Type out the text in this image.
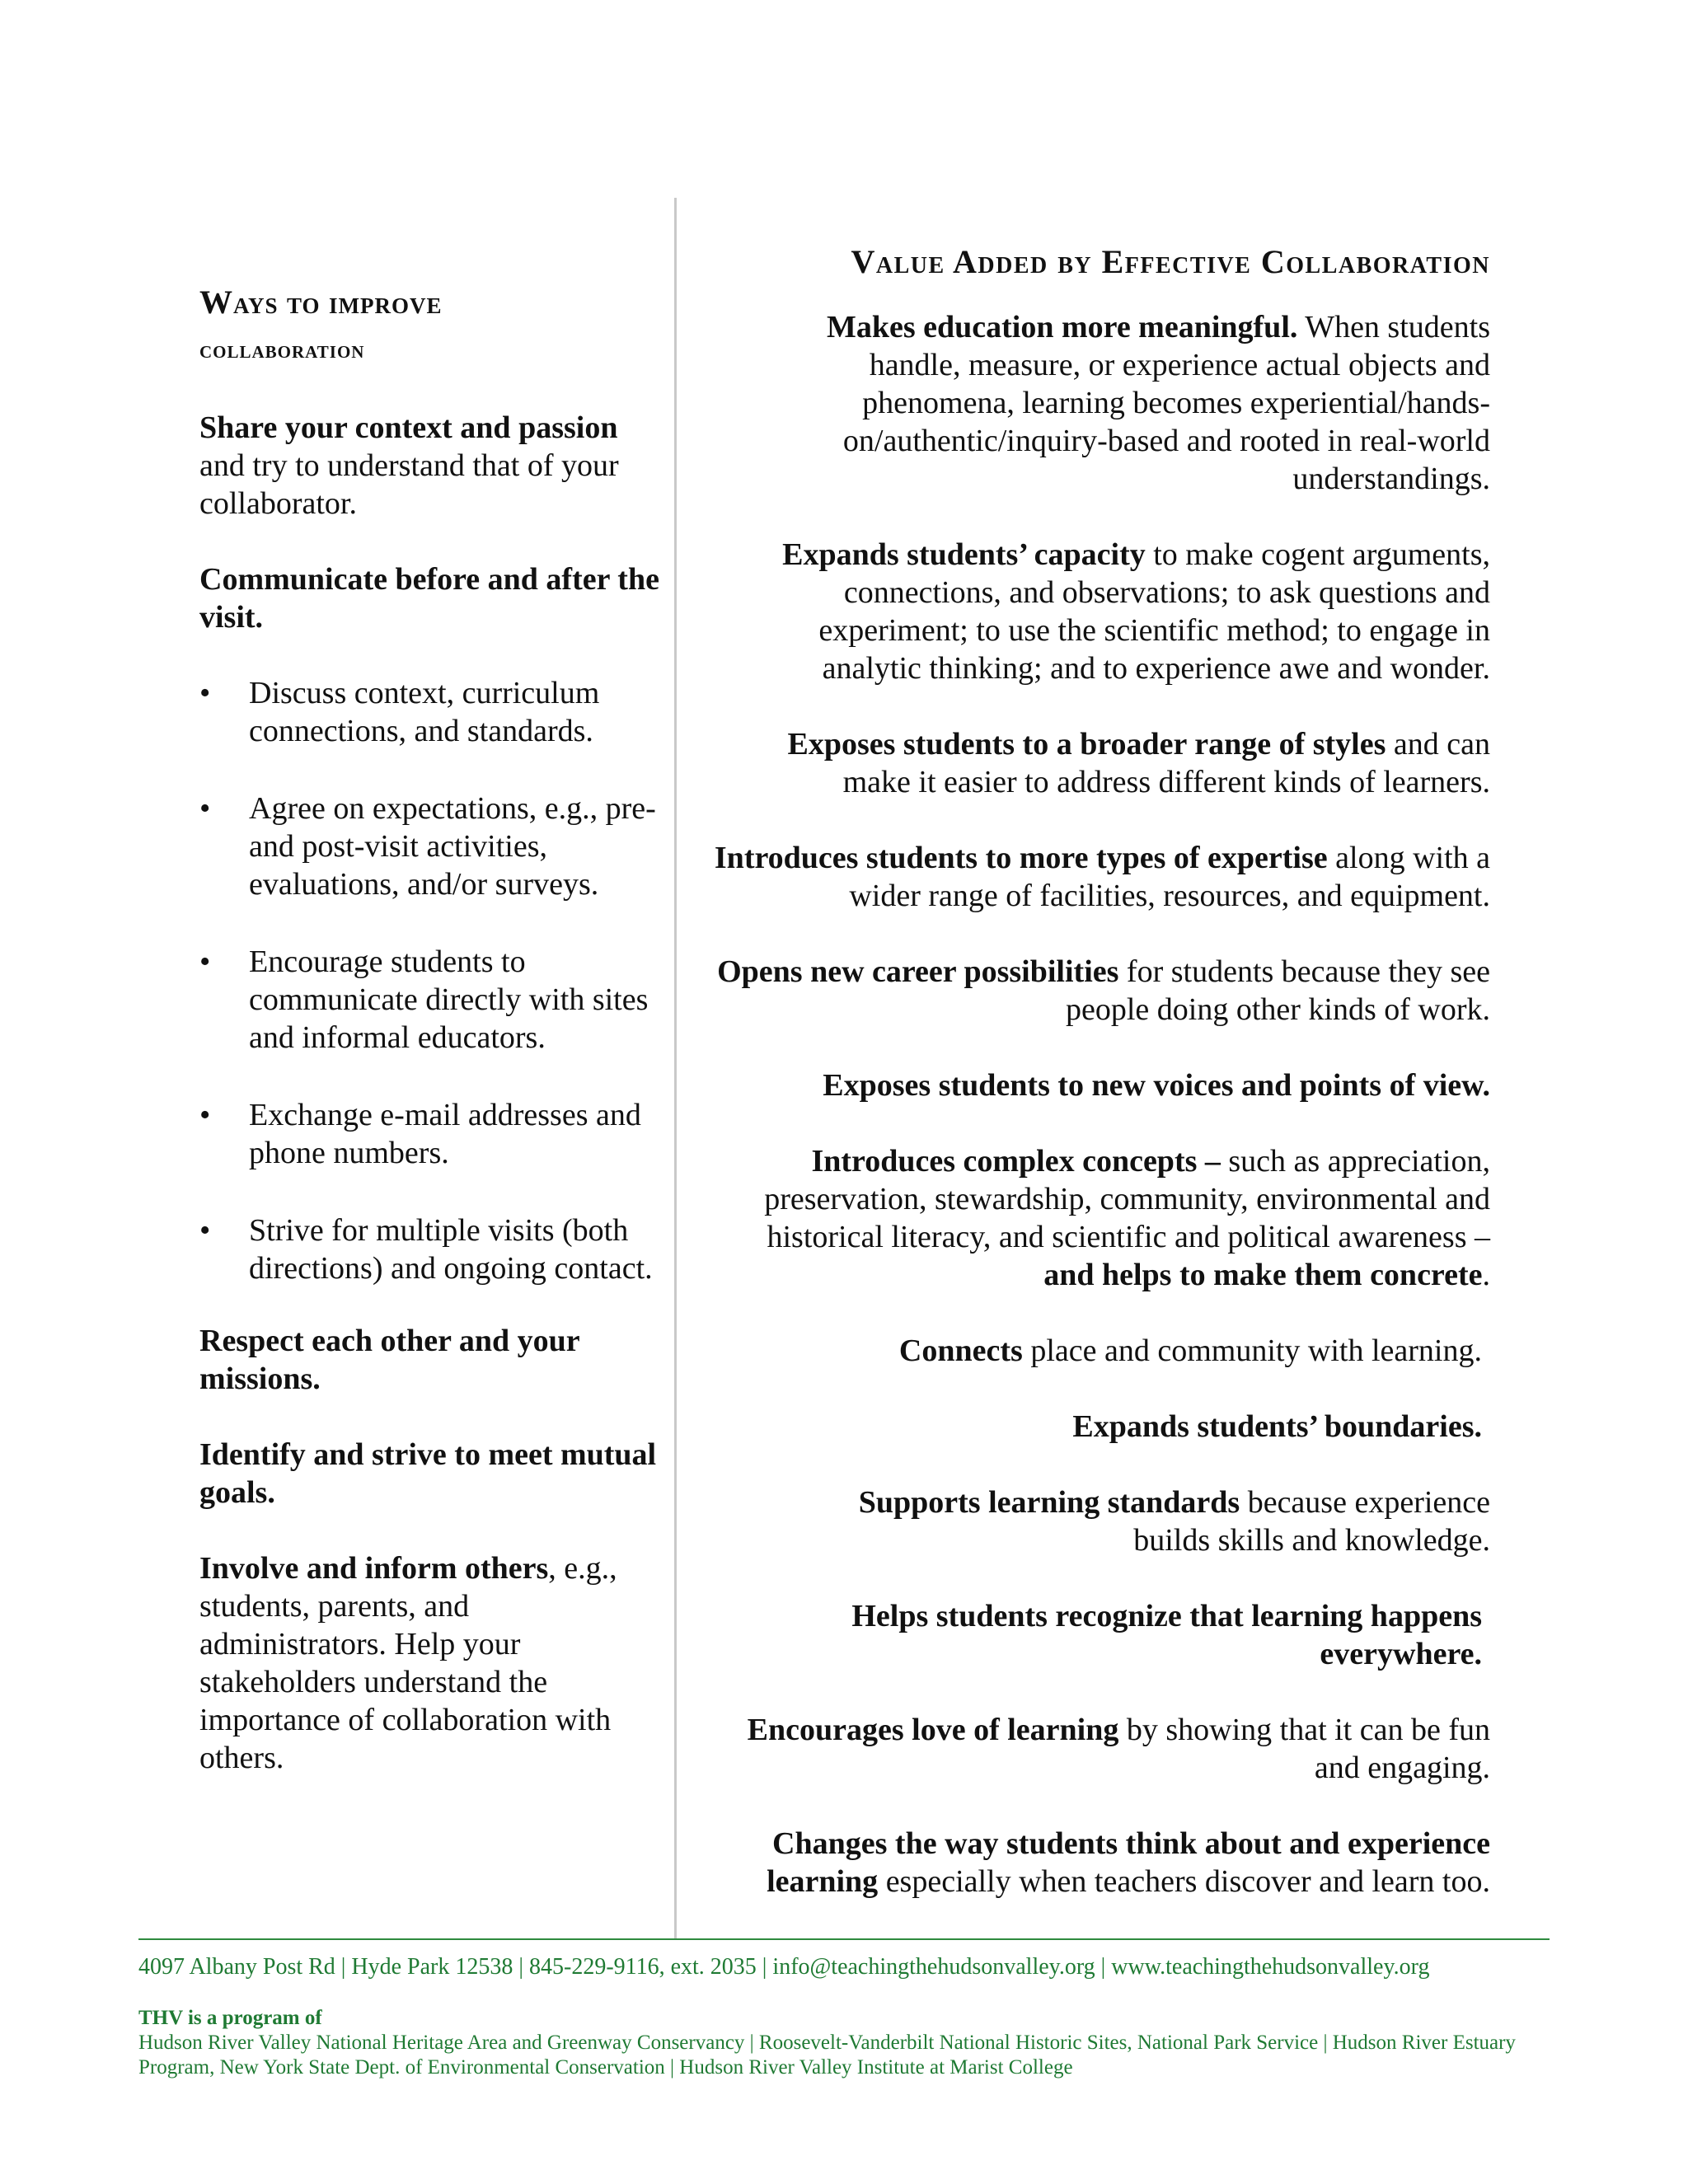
Ways to improve
collaboration

Share your context and passion and try to understand that of your collaborator.

Communicate before and after the visit.

•	Discuss context, curriculum connections, and standards.
•	Agree on expectations, e.g., pre- and post-visit activities, evaluations, and/or surveys.
•	Encourage students to communicate directly with sites and informal educators.
•	Exchange e-mail addresses and phone numbers.
•	Strive for multiple visits (both directions) and ongoing contact.

Respect each other and your missions.

Identify and strive to meet mutual goals.

Involve and inform others, e.g., students, parents, and administrators. Help your stakeholders understand the importance of collaboration with others.

Value Added by Effective Collaboration

Makes education more meaningful. When students handle, measure, or experience actual objects and phenomena, learning becomes experiential/hands-on/authentic/inquiry-based and rooted in real-world understandings.

Expands students’ capacity to make cogent arguments, connections, and observations; to ask questions and experiment; to use the scientific method; to engage in analytic thinking; and to experience awe and wonder.

Exposes students to a broader range of styles and can make it easier to address different kinds of learners.

Introduces students to more types of expertise along with a wider range of facilities, resources, and equipment.

Opens new career possibilities for students because they see people doing other kinds of work.

Exposes students to new voices and points of view.

Introduces complex concepts – such as appreciation, preservation, stewardship, community, environmental and historical literacy, and scientific and political awareness – and helps to make them concrete.

Connects place and community with learning.

Expands students’ boundaries.

Supports learning standards because experience builds skills and knowledge.

Helps students recognize that learning happens everywhere.

Encourages love of learning by showing that it can be fun and engaging.

Changes the way students think about and experience learning especially when teachers discover and learn too.

4097 Albany Post Rd | Hyde Park 12538 | 845-229-9116, ext. 2035 | info@teachingthehudsonvalley.org | www.teachingthehudsonvalley.org
THV is a program of
Hudson River Valley National Heritage Area and Greenway Conservancy | Roosevelt-Vanderbilt National Historic Sites, National Park Service | Hudson River Estuary Program, New York State Dept. of Environmental Conservation | Hudson River Valley Institute at Marist College
